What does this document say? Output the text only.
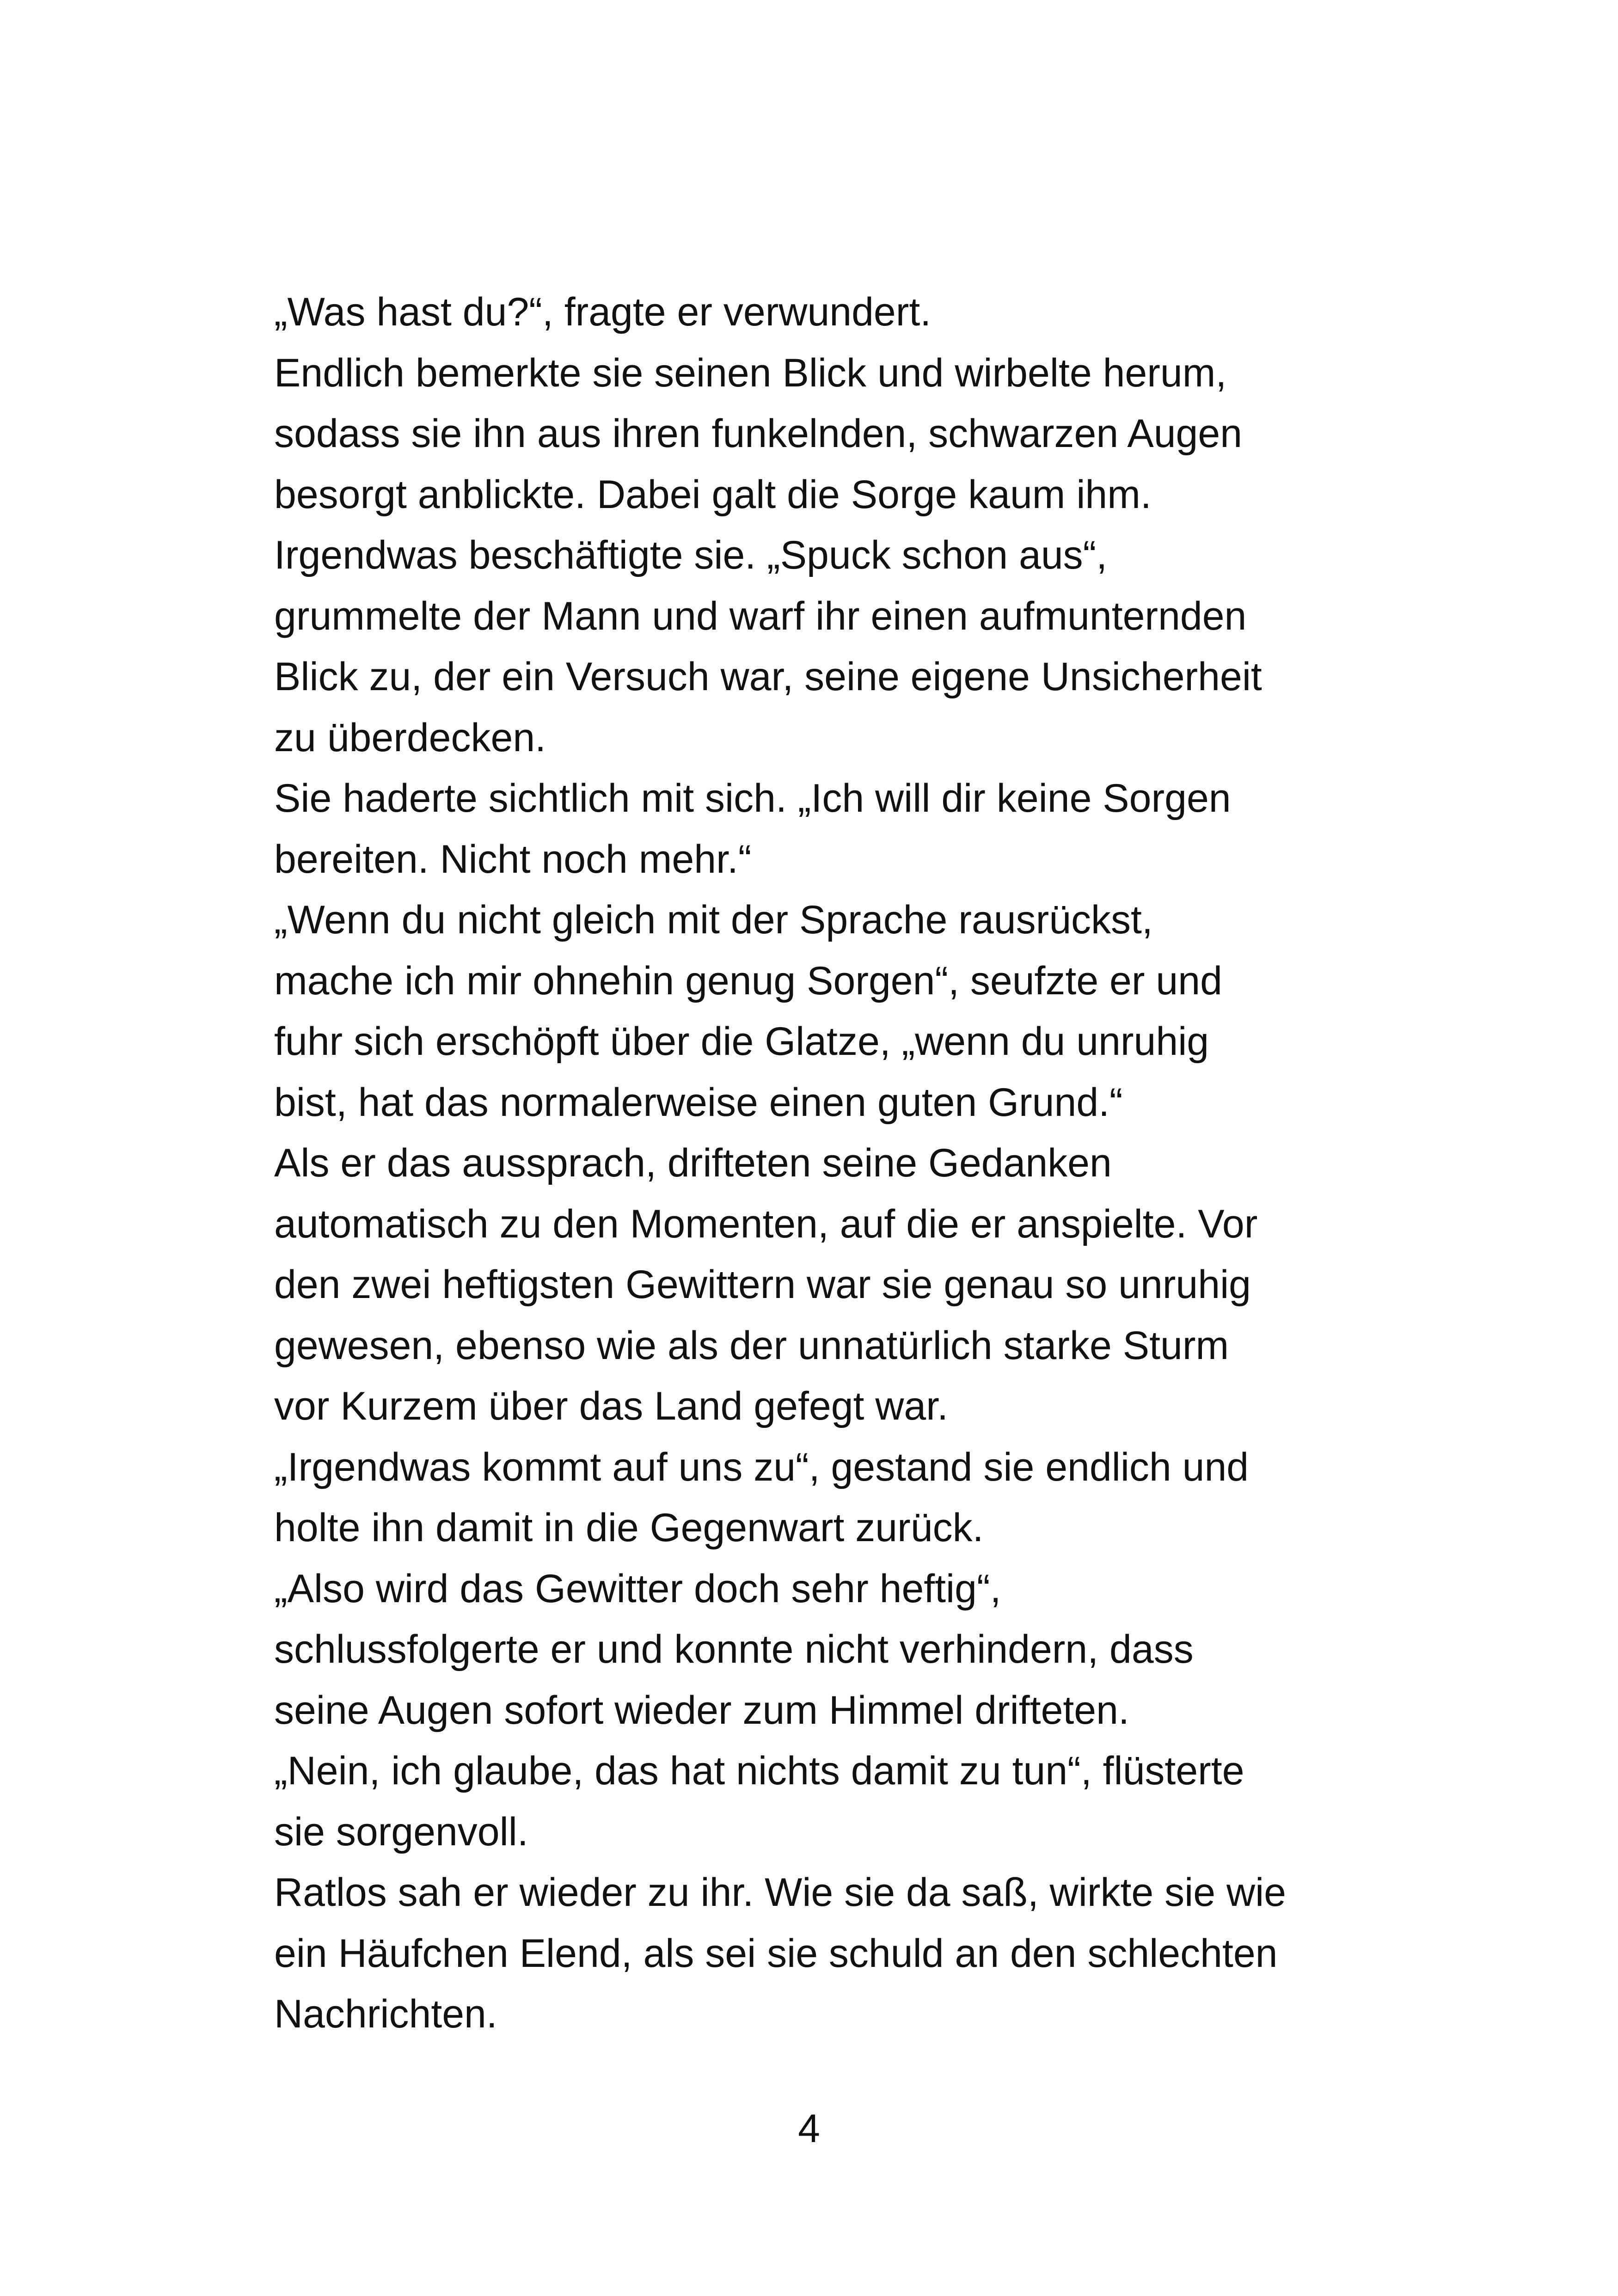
„Was hast du?“, fragte er verwundert.
Endlich bemerkte sie seinen Blick und wirbelte herum,
sodass sie ihn aus ihren funkelnden, schwarzen Augen
besorgt anblickte. Dabei galt die Sorge kaum ihm.
Irgendwas beschäftigte sie. „Spuck schon aus“,
grummelte der Mann und warf ihr einen aufmunternden
Blick zu, der ein Versuch war, seine eigene Unsicherheit
zu überdecken.
Sie haderte sichtlich mit sich. „Ich will dir keine Sorgen
bereiten. Nicht noch mehr.“
„Wenn du nicht gleich mit der Sprache rausrückst,
mache ich mir ohnehin genug Sorgen“, seufzte er und
fuhr sich erschöpft über die Glatze, „wenn du unruhig
bist, hat das normalerweise einen guten Grund.“
Als er das aussprach, drifteten seine Gedanken
automatisch zu den Momenten, auf die er anspielte. Vor
den zwei heftigsten Gewittern war sie genau so unruhig
gewesen, ebenso wie als der unnatürlich starke Sturm
vor Kurzem über das Land gefegt war.
„Irgendwas kommt auf uns zu“, gestand sie endlich und
holte ihn damit in die Gegenwart zurück.
„Also wird das Gewitter doch sehr heftig“,
schlussfolgerte er und konnte nicht verhindern, dass
seine Augen sofort wieder zum Himmel drifteten.
„Nein, ich glaube, das hat nichts damit zu tun“, flüsterte
sie sorgenvoll.
Ratlos sah er wieder zu ihr. Wie sie da saß, wirkte sie wie
ein Häufchen Elend, als sei sie schuld an den schlechten
Nachrichten.
4
